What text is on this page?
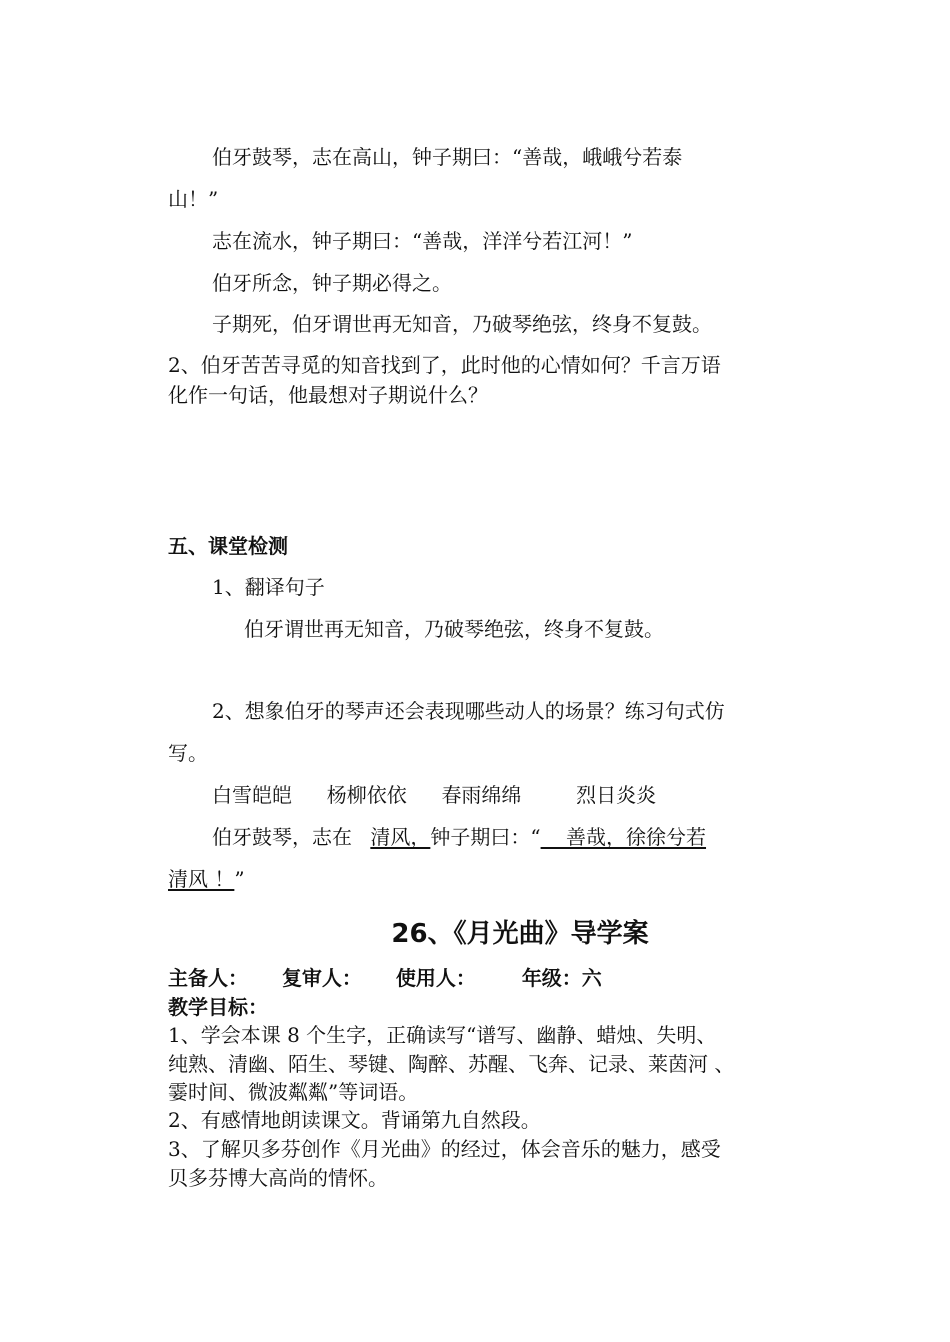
伯牙鼓琴，志在高山，钟子期曰：“善哉，峨峨兮若泰
山！”
志在流水，钟子期曰：“善哉，洋洋兮若江河！”
伯牙所念，钟子期必得之。
子期死，伯牙谓世再无知音，乃破琴绝弦，终身不复鼓。
2、伯牙苦苦寻觅的知音找到了，此时他的心情如何？千言万语
化作一句话，他最想对子期说什么？
五、课堂检测
1、翻译句子
伯牙谓世再无知音，乃破琴绝弦，终身不复鼓。
2、想象伯牙的琴声还会表现哪些动人的场景？练习句式仿
写。
白雪皑皑 杨柳依依 春雨绵绵	烈日炎炎
伯牙鼓琴，志在 清风，钟子期曰：“    善哉，徐徐兮若
清风 ！”
26、《月光曲》导学案
主备人： 复审人： 使用人： 年级：六
教学目标：
1、学会本课 8 个生字，正确读写“谱写、幽静、蜡烛、失明、
纯熟、清幽、陌生、琴键、陶醉、苏醒、飞奔、记录、莱茵河 、
霎时间、微波粼粼”等词语。
2、有感情地朗读课文。背诵第九自然段。
3、了解贝多芬创作《月光曲》的经过，体会音乐的魅力，感受
贝多芬博大高尚的情怀。
